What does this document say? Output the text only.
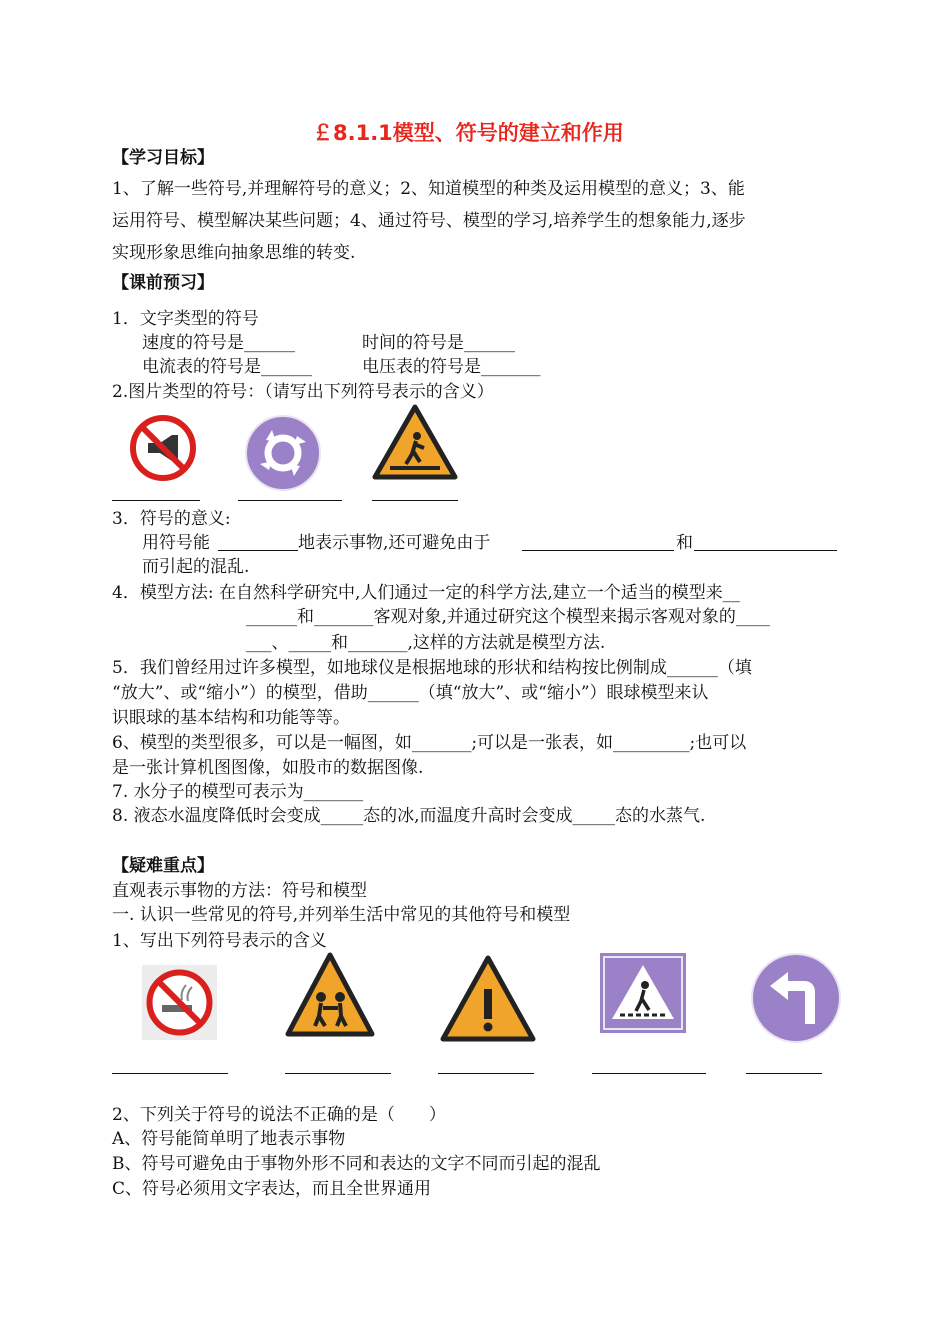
￡8.1.1模型、符号的建立和作用
【学习目标】
1、了解一些符号,并理解符号的意义；2、知道模型的种类及运用模型的意义；3、能
运用符号、模型解决某些问题；4、通过符号、模型的学习,培养学生的想象能力,逐步
实现形象思维向抽象思维的转变.
【课前预习】
1．文字类型的符号
速度的符号是______	时间的符号是______
电流表的符号是______	电压表的符号是_______
2.图片类型的符号：（请写出下列符号表示的含义）
3．符号的意义:
用符号能	地表示事物,还可避免由于	和
而引起的混乱.
4．模型方法: 在自然科学研究中,人们通过一定的科学方法,建立一个适当的模型来__
______和_______客观对象,并通过研究这个模型来揭示客观对象的____
___、_____和_______,这样的方法就是模型方法.
5．我们曾经用过许多模型，如地球仪是根据地球的形状和结构按比例制成______（填
“放大”、或“缩小”）的模型，借助______（填“放大”、或“缩小”）眼球模型来认
识眼球的基本结构和功能等等。
6、模型的类型很多，可以是一幅图，如_______;可以是一张表，如_________;也可以
是一张计算机图图像，如股市的数据图像.
7. 水分子的模型可表示为_______
8. 液态水温度降低时会变成_____态的冰,而温度升高时会变成_____态的水蒸气.
【疑难重点】
直观表示事物的方法：符号和模型
一. 认识一些常见的符号,并列举生活中常见的其他符号和模型
1、写出下列符号表示的含义
2、下列关于符号的说法不正确的是（　　）
A、符号能简单明了地表示事物
B、符号可避免由于事物外形不同和表达的文字不同而引起的混乱
C、符号必须用文字表达，而且全世界通用
